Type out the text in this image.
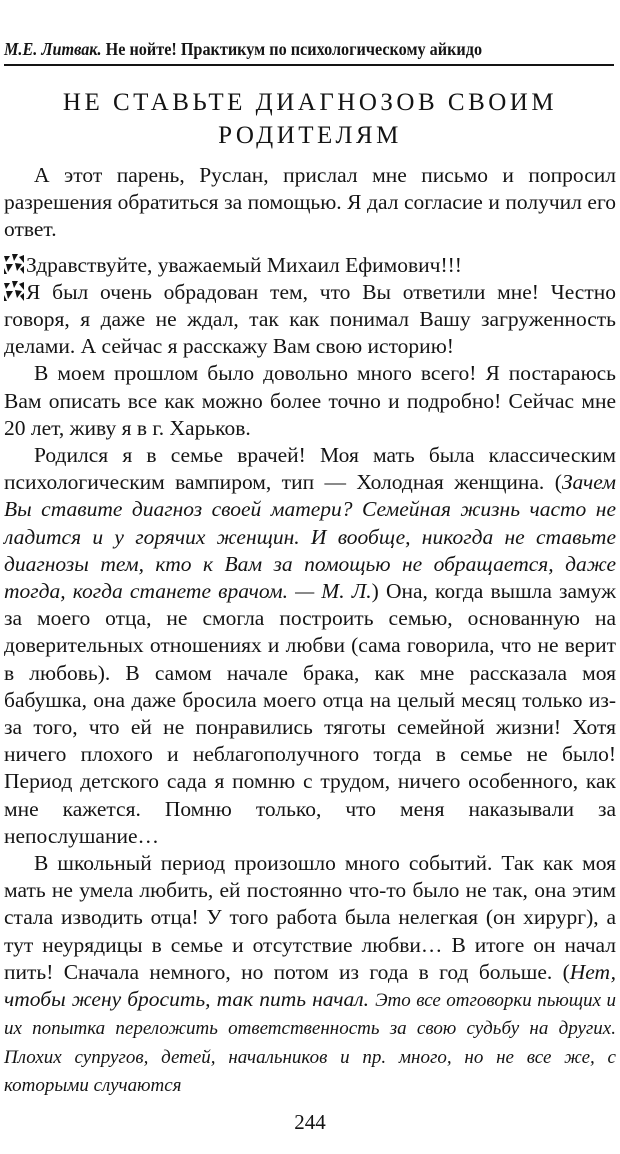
М.Е. Литвак. Не нойте! Практикум по психологическому айкидо
НЕ СТАВЬТЕ ДИАГНОЗОВ СВОИМ РОДИТЕЛЯМ

А этот парень, Руслан, прислал мне письмо и попросил разрешения обратиться за помощью. Я дал согласие и получил его ответ.

Здравствуйте, уважаемый Михаил Ефимович!!!

Я был очень обрадован тем, что Вы ответили мне! Честно говоря, я даже не ждал, так как понимал Вашу загруженность делами. А сейчас я расскажу Вам свою историю!

В моем прошлом было довольно много всего! Я постараюсь Вам описать все как можно более точно и подробно! Сейчас мне 20 лет, живу я в г. Харьков.

Родился я в семье врачей! Моя мать была классическим психологическим вампиром, тип — Холодная женщина. (Зачем Вы ставите диагноз своей матери? Семейная жизнь часто не ладится и у горячих женщин. И вообще, никогда не ставьте диагнозы тем, кто к Вам за помощью не обращается, даже тогда, когда станете врачом. — М. Л.) Она, когда вышла замуж за моего отца, не смогла построить семью, основанную на доверительных отношениях и любви (сама говорила, что не верит в любовь). В самом начале брака, как мне рассказала моя бабушка, она даже бросила моего отца на целый месяц только из-за того, что ей не понравились тяготы семейной жизни! Хотя ничего плохого и неблагополучного тогда в семье не было! Период детского сада я помню с трудом, ничего особенного, как мне кажется. Помню только, что меня наказывали за непослушание…

В школьный период произошло много событий. Так как моя мать не умела любить, ей постоянно что-то было не так, она этим стала изводить отца! У того работа была нелегкая (он хирург), а тут неурядицы в семье и отсутствие любви… В итоге он начал пить! Сначала немного, но потом из года в год больше. (Нет, чтобы жену бросить, так пить начал. Это все отговорки пьющих и их попытка переложить ответственность за свою судьбу на других. Плохих супругов, детей, начальников и пр. много, но не все же, с которыми случаются

244
